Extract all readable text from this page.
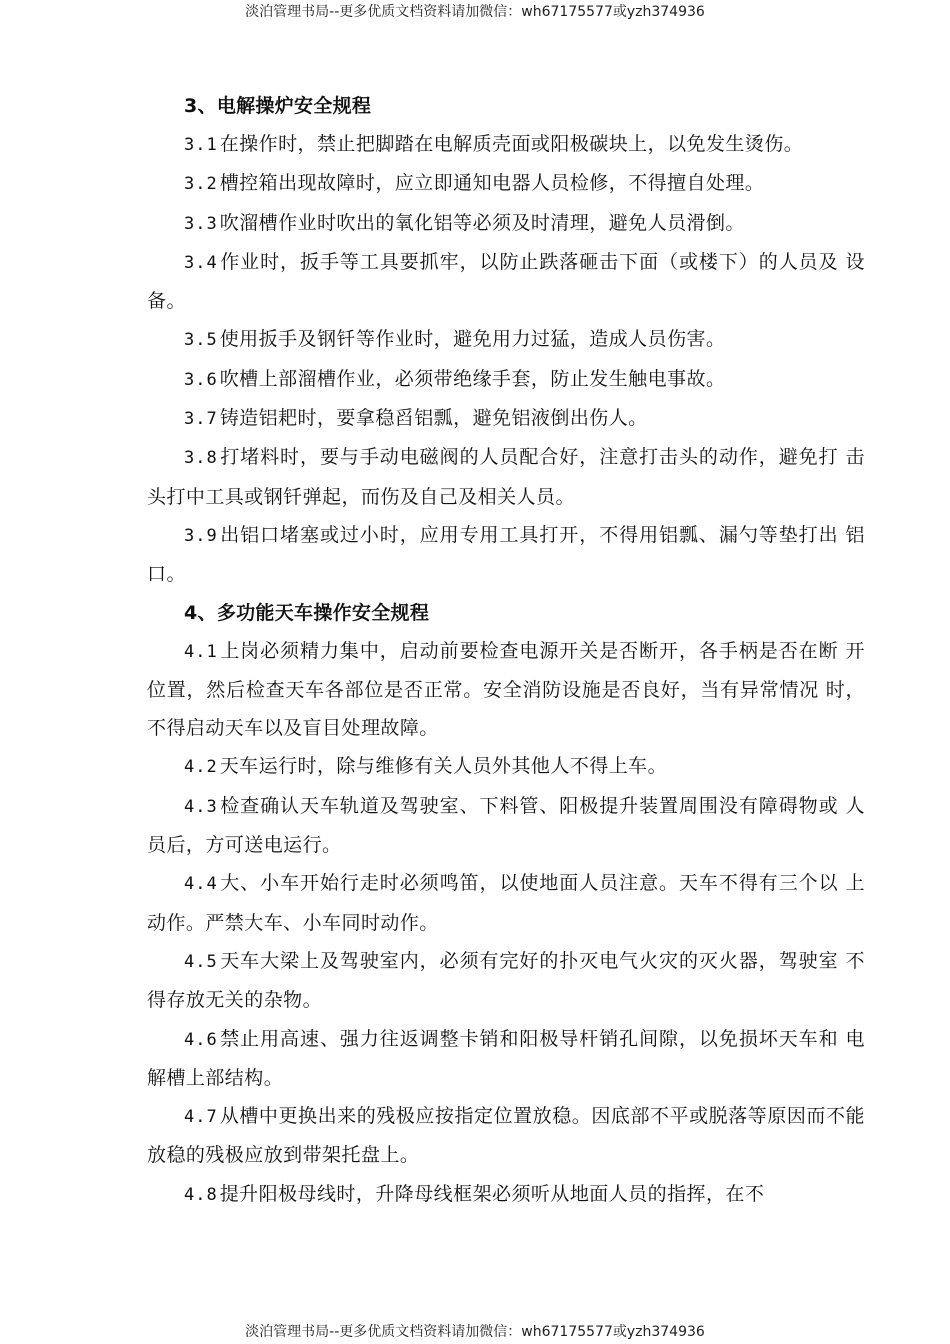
淡泊管理书局--更多优质文档资料请加微信：wh67175577或yzh374936
3、电解操炉安全规程

3.1 在操作时，禁止把脚踏在电解质壳面或阳极碳块上，以免发生烫伤。

3.2 槽控箱出现故障时，应立即通知电器人员检修，不得擅自处理。

3.3 吹溜槽作业时吹出的氧化铝等必须及时清理，避免人员滑倒。

3.4 作业时，扳手等工具要抓牢，以防止跌落砸击下面（或楼下）的人员及 设备。

3.5 使用扳手及钢钎等作业时，避免用力过猛，造成人员伤害。

3.6 吹槽上部溜槽作业，必须带绝缘手套，防止发生触电事故。

3.7 铸造铝耙时，要拿稳舀铝瓢，避免铝液倒出伤人。

3.8 打堵料时，要与手动电磁阀的人员配合好，注意打击头的动作，避免打 击头打中工具或钢钎弹起，而伤及自己及相关人员。

3.9 出铝口堵塞或过小时，应用专用工具打开，不得用铝瓢、漏勺等垫打出 铝口。

4、多功能天车操作安全规程

4.1 上岗必须精力集中，启动前要检查电源开关是否断开，各手柄是否在断 开位置，然后检查天车各部位是否正常。安全消防设施是否良好，当有异常情况 时，不得启动天车以及盲目处理故障。

4.2 天车运行时，除与维修有关人员外其他人不得上车。

4.3 检查确认天车轨道及驾驶室、下料管、阳极提升装置周围没有障碍物或 人员后，方可送电运行。

4.4 大、小车开始行走时必须鸣笛，以使地面人员注意。天车不得有三个以 上动作。严禁大车、小车同时动作。

4.5 天车大梁上及驾驶室内，必须有完好的扑灭电气火灾的灭火器，驾驶室 不得存放无关的杂物。

4.6 禁止用高速、强力往返调整卡销和阳极导杆销孔间隙，以免损坏天车和 电解槽上部结构。

4.7 从槽中更换出来的残极应按指定位置放稳。因底部不平或脱落等原因而不能放稳的残极应放到带架托盘上。

4.8 提升阳极母线时，升降母线框架必须听从地面人员的指挥，在不

淡泊管理书局--更多优质文档资料请加微信：wh67175577或yzh374936
